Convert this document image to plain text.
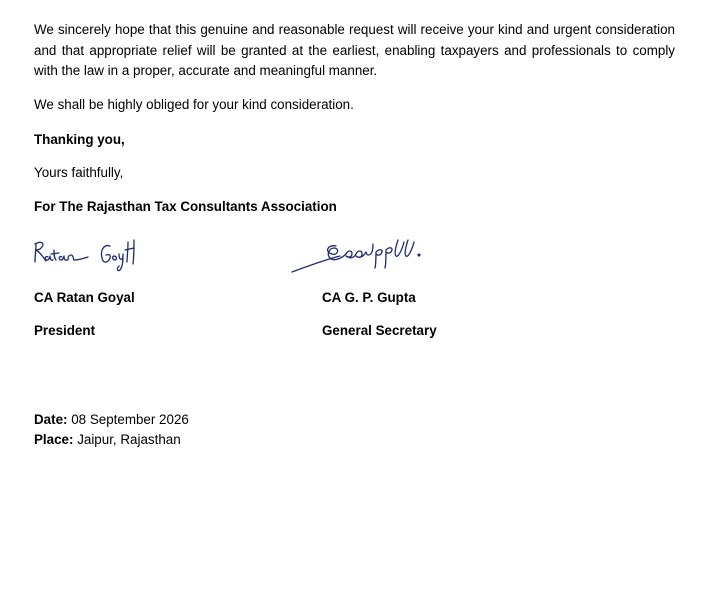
We sincerely hope that this genuine and reasonable request will receive your kind and urgent consideration and that appropriate relief will be granted at the earliest, enabling taxpayers and professionals to comply with the law in a proper, accurate and meaningful manner.
We shall be highly obliged for your kind consideration.
Thanking you,
Yours faithfully,
For The Rajasthan Tax Consultants Association
CA Ratan Goyal	CA G. P. Gupta
President	General Secretary
Date: 08 September 2026
Place: Jaipur, Rajasthan
